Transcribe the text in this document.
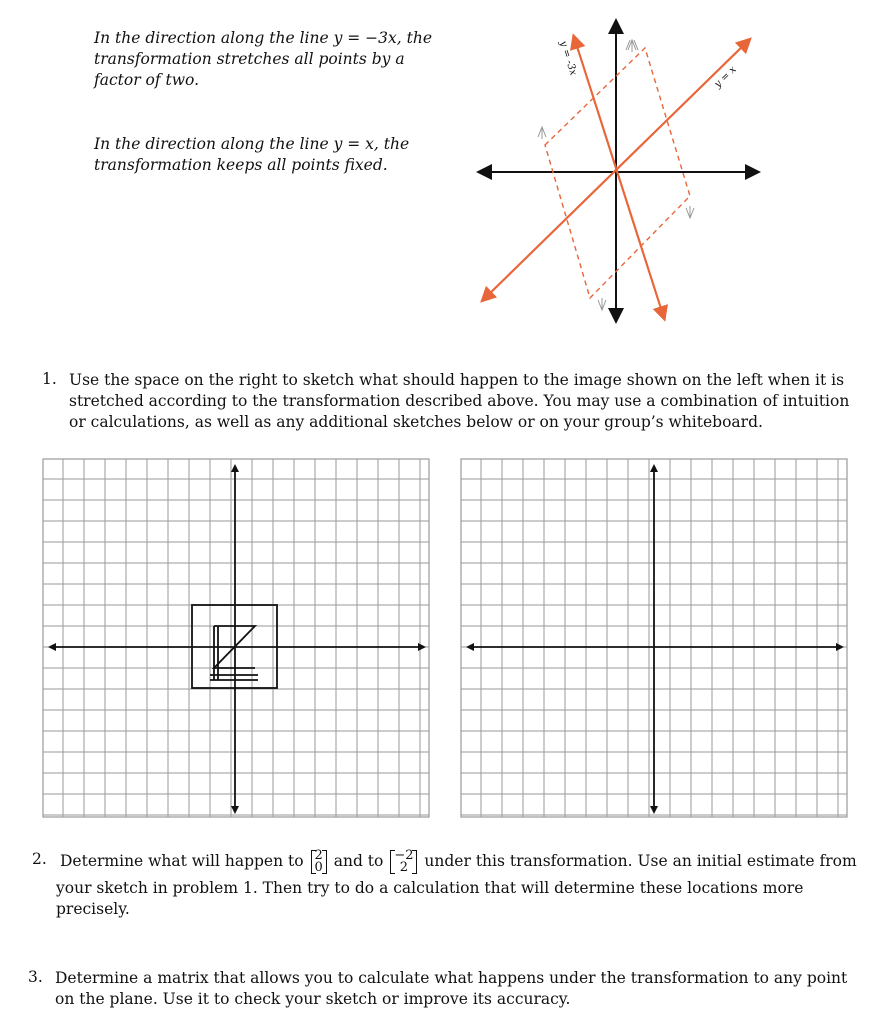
In the direction along the line y = −3x, the transformation stretches all points by a factor of two.
In the direction along the line y = x, the transformation keeps all points fixed.
y = -3x
y = x
1. Use the space on the right to sketch what should happen to the image shown on the left when it is stretched according to the transformation described above. You may use a combination of intuition or calculations, as well as any additional sketches below or on your group’s whiteboard.
2. Determine what will happen to 2
0 and to −2
2	under this transformation. Use an initial estimate from
your sketch in problem 1. Then try to do a calculation that will determine these locations more precisely.
3. Determine a matrix that allows you to calculate what happens under the transformation to any point on the plane. Use it to check your sketch or improve its accuracy.
